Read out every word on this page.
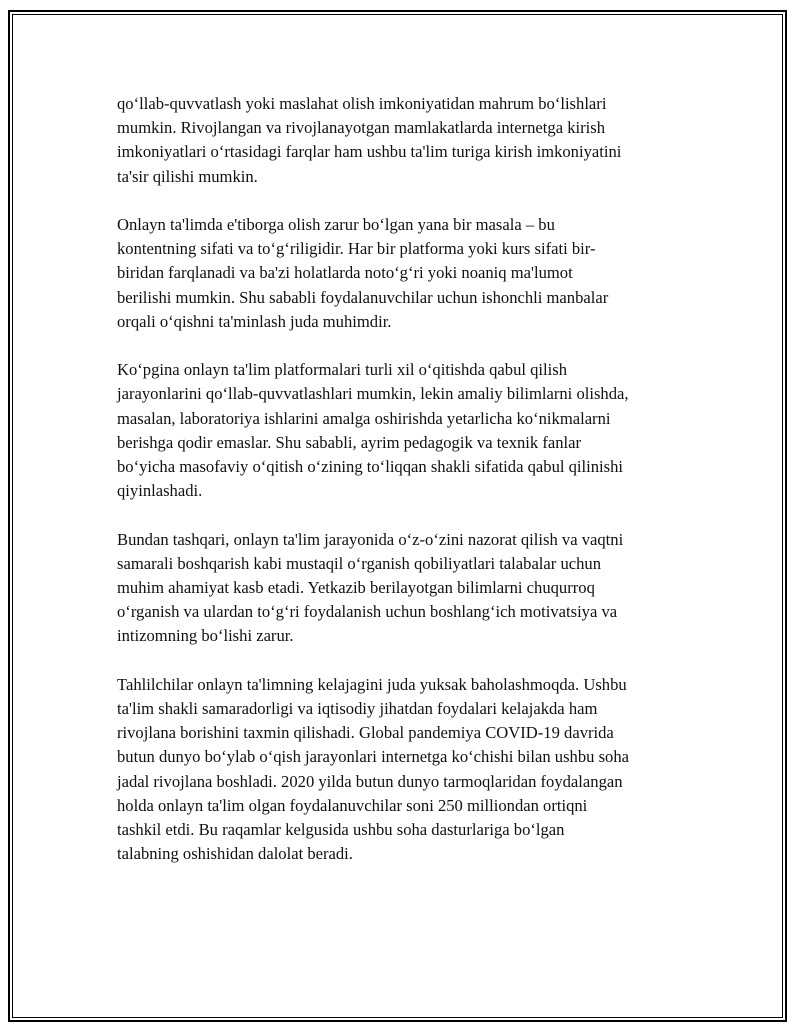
qo‘llab-quvvatlash yoki maslahat olish imkoniyatidan mahrum bo‘lishlari
mumkin. Rivojlangan va rivojlanayotgan mamlakatlarda internetga kirish
imkoniyatlari o‘rtasidagi farqlar ham ushbu ta'lim turiga kirish imkoniyatini
ta'sir qilishi mumkin.

Onlayn ta'limda e'tiborga olish zarur bo‘lgan yana bir masala – bu
kontentning sifati va to‘g‘riligidir. Har bir platforma yoki kurs sifati bir-
biridan farqlanadi va ba'zi holatlarda noto‘g‘ri yoki noaniq ma'lumot
berilishi mumkin. Shu sababli foydalanuvchilar uchun ishonchli manbalar
orqali o‘qishni ta'minlash juda muhimdir.

Ko‘pgina onlayn ta'lim platformalari turli xil o‘qitishda qabul qilish
jarayonlarini qo‘llab-quvvatlashlari mumkin, lekin amaliy bilimlarni olishda,
masalan, laboratoriya ishlarini amalga oshirishda yetarlicha ko‘nikmalarni
berishga qodir emaslar. Shu sababli, ayrim pedagogik va texnik fanlar
bo‘yicha masofaviy o‘qitish o‘zining to‘liqqan shakli sifatida qabul qilinishi
qiyinlashadi.

Bundan tashqari, onlayn ta'lim jarayonida o‘z-o‘zini nazorat qilish va vaqtni
samarali boshqarish kabi mustaqil o‘rganish qobiliyatlari talabalar uchun
muhim ahamiyat kasb etadi. Yetkazib berilayotgan bilimlarni chuqurroq
o‘rganish va ulardan to‘g‘ri foydalanish uchun boshlang‘ich motivatsiya va
intizomning bo‘lishi zarur.

Tahlilchilar onlayn ta'limning kelajagini juda yuksak baholashmoqda. Ushbu
ta'lim shakli samaradorligi va iqtisodiy jihatdan foydalari kelajakda ham
rivojlana borishini taxmin qilishadi. Global pandemiya COVID-19 davrida
butun dunyo bo‘ylab o‘qish jarayonlari internetga ko‘chishi bilan ushbu soha
jadal rivojlana boshladi. 2020 yilda butun dunyo tarmoqlaridan foydalangan
holda onlayn ta'lim olgan foydalanuvchilar soni 250 milliondan ortiqni
tashkil etdi. Bu raqamlar kelgusida ushbu soha dasturlariga bo‘lgan
talabning oshishidan dalolat beradi.
